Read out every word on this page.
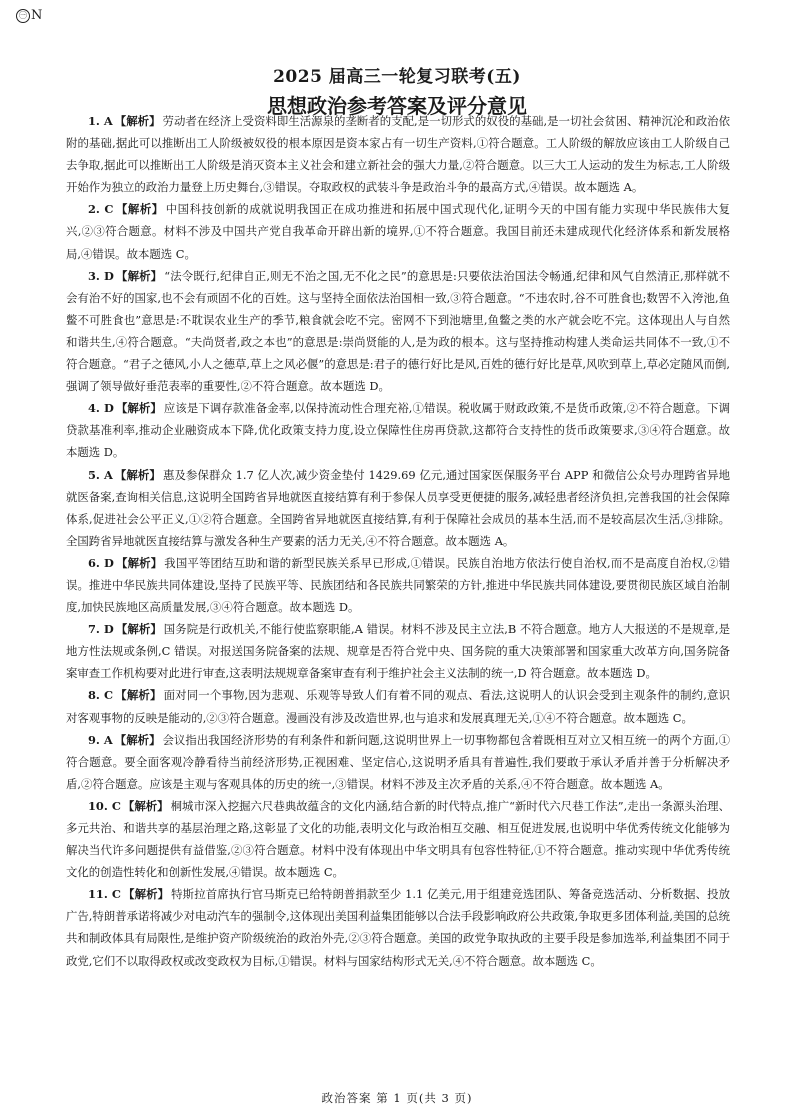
㊀ N

2025 届高三一轮复习联考(五)

思想政治参考答案及评分意见

1. A 【解析】 劳动者在经济上受资料即生活源泉的垄断者的支配,是一切形式的奴役的基础,是一切社会贫困、精神沉沦和政治依附的基础,据此可以推断出工人阶级被奴役的根本原因是资本家占有一切生产资料,①符合题意。工人阶级的解放应该由工人阶级自己去争取,据此可以推断出工人阶级是消灭资本主义社会和建立新社会的强大力量,②符合题意。以三大工人运动的发生为标志,工人阶级开始作为独立的政治力量登上历史舞台,③错误。夺取政权的武装斗争是政治斗争的最高方式,④错误。故本题选 A。

2. C 【解析】 中国科技创新的成就说明我国正在成功推进和拓展中国式现代化,证明今天的中国有能力实现中华民族伟大复兴,②③符合题意。材料不涉及中国共产党自我革命开辟出新的境界,①不符合题意。我国目前还未建成现代化经济体系和新发展格局,④错误。故本题选 C。

3. D 【解析】 “法令既行,纪律自正,则无不治之国,无不化之民”的意思是:只要依法治国法令畅通,纪律和风气自然清正,那样就不会有治不好的国家,也不会有顽固不化的百姓。这与坚持全面依法治国相一致,③符合题意。“不违农时,谷不可胜食也;数罟不入洿池,鱼鳖不可胜食也”意思是:不耽误农业生产的季节,粮食就会吃不完。密网不下到池塘里,鱼鳖之类的水产就会吃不完。这体现出人与自然和谐共生,④符合题意。“夫尚贤者,政之本也”的意思是:崇尚贤能的人,是为政的根本。这与坚持推动构建人类命运共同体不一致,①不符合题意。“君子之德风,小人之德草,草上之风必偃”的意思是:君子的德行好比是风,百姓的德行好比是草,风吹到草上,草必定随风而倒,强调了领导做好垂范表率的重要性,②不符合题意。故本题选 D。

4. D 【解析】 应该是下调存款准备金率,以保持流动性合理充裕,①错误。税收属于财政政策,不是货币政策,②不符合题意。下调贷款基准利率,推动企业融资成本下降,优化政策支持力度,设立保障性住房再贷款,这都符合支持性的货币政策要求,③④符合题意。故本题选 D。

5. A 【解析】 惠及参保群众 1.7 亿人次,减少资金垫付 1429.69 亿元,通过国家医保服务平台 APP 和微信公众号办理跨省异地就医备案,查询相关信息,这说明全国跨省异地就医直接结算有利于参保人员享受更便捷的服务,减轻患者经济负担,完善我国的社会保障体系,促进社会公平正义,①②符合题意。全国跨省异地就医直接结算,有利于保障社会成员的基本生活,而不是较高层次生活,③排除。全国跨省异地就医直接结算与激发各种生产要素的活力无关,④不符合题意。故本题选 A。

6. D 【解析】 我国平等团结互助和谐的新型民族关系早已形成,①错误。民族自治地方依法行使自治权,而不是高度自治权,②错误。推进中华民族共同体建设,坚持了民族平等、民族团结和各民族共同繁荣的方针,推进中华民族共同体建设,要贯彻民族区域自治制度,加快民族地区高质量发展,③④符合题意。故本题选 D。

7. D 【解析】 国务院是行政机关,不能行使监察职能,A 错误。材料不涉及民主立法,B 不符合题意。地方人大报送的不是规章,是地方性法规或条例,C 错误。对报送国务院备案的法规、规章是否符合党中央、国务院的重大决策部署和国家重大改革方向,国务院备案审查工作机构要对此进行审查,这表明法规规章备案审查有利于维护社会主义法制的统一,D 符合题意。故本题选 D。

8. C 【解析】 面对同一个事物,因为悲观、乐观等导致人们有着不同的观点、看法,这说明人的认识会受到主观条件的制约,意识对客观事物的反映是能动的,②③符合题意。漫画没有涉及改造世界,也与追求和发展真理无关,①④不符合题意。故本题选 C。

9. A 【解析】 会议指出我国经济形势的有利条件和新问题,这说明世界上一切事物都包含着既相互对立又相互统一的两个方面,①符合题意。要全面客观冷静看待当前经济形势,正视困难、坚定信心,这说明矛盾具有普遍性,我们要敢于承认矛盾并善于分析解决矛盾,②符合题意。应该是主观与客观具体的历史的统一,③错误。材料不涉及主次矛盾的关系,④不符合题意。故本题选 A。

10. C 【解析】 桐城市深入挖掘六尺巷典故蕴含的文化内涵,结合新的时代特点,推广“新时代六尺巷工作法”,走出一条源头治理、多元共治、和谐共享的基层治理之路,这彰显了文化的功能,表明文化与政治相互交融、相互促进发展,也说明中华优秀传统文化能够为解决当代许多问题提供有益借鉴,②③符合题意。材料中没有体现出中华文明具有包容性特征,①不符合题意。推动实现中华优秀传统文化的创造性转化和创新性发展,④错误。故本题选 C。

11. C 【解析】 特斯拉首席执行官马斯克已给特朗普捐款至少 1.1 亿美元,用于组建竞选团队、筹备竞选活动、分析数据、投放广告,特朗普承诺将减少对电动汽车的强制令,这体现出美国利益集团能够以合法手段影响政府公共政策,争取更多团体利益,美国的总统共和制政体具有局限性,是维护资产阶级统治的政治外壳,②③符合题意。美国的政党争取执政的主要手段是参加选举,利益集团不同于政党,它们不以取得政权或改变政权为目标,①错误。材料与国家结构形式无关,④不符合题意。故本题选 C。

政治答案 第 1 页(共 3 页)
